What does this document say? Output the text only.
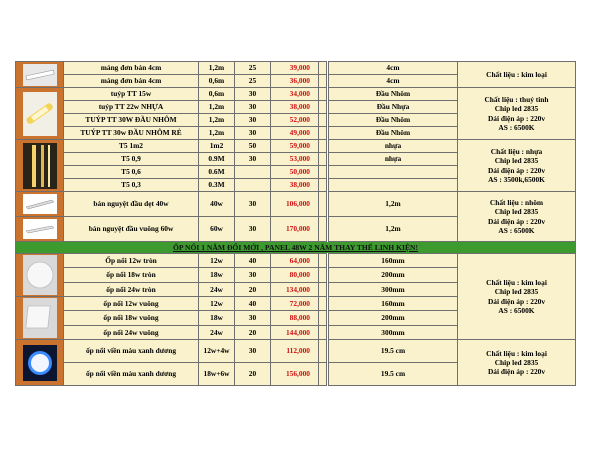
	máng đơn bán 4cm	1,2m	25	39,000		4cm	Chất liệu : kim loại

	máng đơn bán 4cm	0,6m	25	36,000		4cm	

	tuýp TT 15w	0,6m	30	34,000		Đầu Nhôm	Chất liệu : thuỷ tinh
Chip led 2835
Dải điện áp : 220v
AS : 6500K

	tuýp TT 22w NHỰA	1,2m	30	38,000		Đầu Nhựa	
	TUÝP TT 30W ĐẦU NHÔM	1,2m	30	52,000		Đầu Nhôm	
	TUÝP TT 30w ĐẦU NHÔM RẺ	1,2m	30	49,000		Đầu Nhôm	

	T5 1m2	1m2	50	59,000		nhựa	Chất liệu : nhựa
Chip led 2835
Dải điện áp : 220v
AS : 3500k,6500K

	T5 0,9	0.9M	30	53,000		nhựa	
	T5 0,6	0.6M		50,000			
	T5 0,3	0.3M		38,000			

	bán nguyệt đầu dẹt 40w	40w	30	106,000		1,2m	Chất liệu : nhôm
Chip led 2835
Dải điện áp : 220v
AS : 6500K

	bán nguyệt đầu vuông 60w	60w	30	170,000		1,2m	
ỐP NỔI 1 NĂM ĐỔI MỚI , PANEL 48W 2 NĂM THAY THẾ LINH KIỆN!							

	Ốp nổi 12w tròn	12w	40	64,000		160mm	Chất liệu : kim loại
Chip led 2835
Dải điện áp : 220v
AS : 6500K

	ốp nổi 18w tròn	18w	30	80,000		200mm	
	ốp nổi 24w tròn	24w	20	134,000		300mm	

	ốp nổi 12w vuông	12w	40	72,000		160mm	
	ốp nổi 18w vuông	18w	30	88,000		200mm	
	ốp nổi 24w vuông	24w	20	144,000		300mm	

	ốp nổi viền màu xanh dương	12w+4w	30	112,000		19.5 cm	Chất liệu : kim loại
Chip led 2835
Dải điện áp : 220v

	ốp nổi viền màu xanh dương	18w+6w	20	156,000		19.5 cm	
